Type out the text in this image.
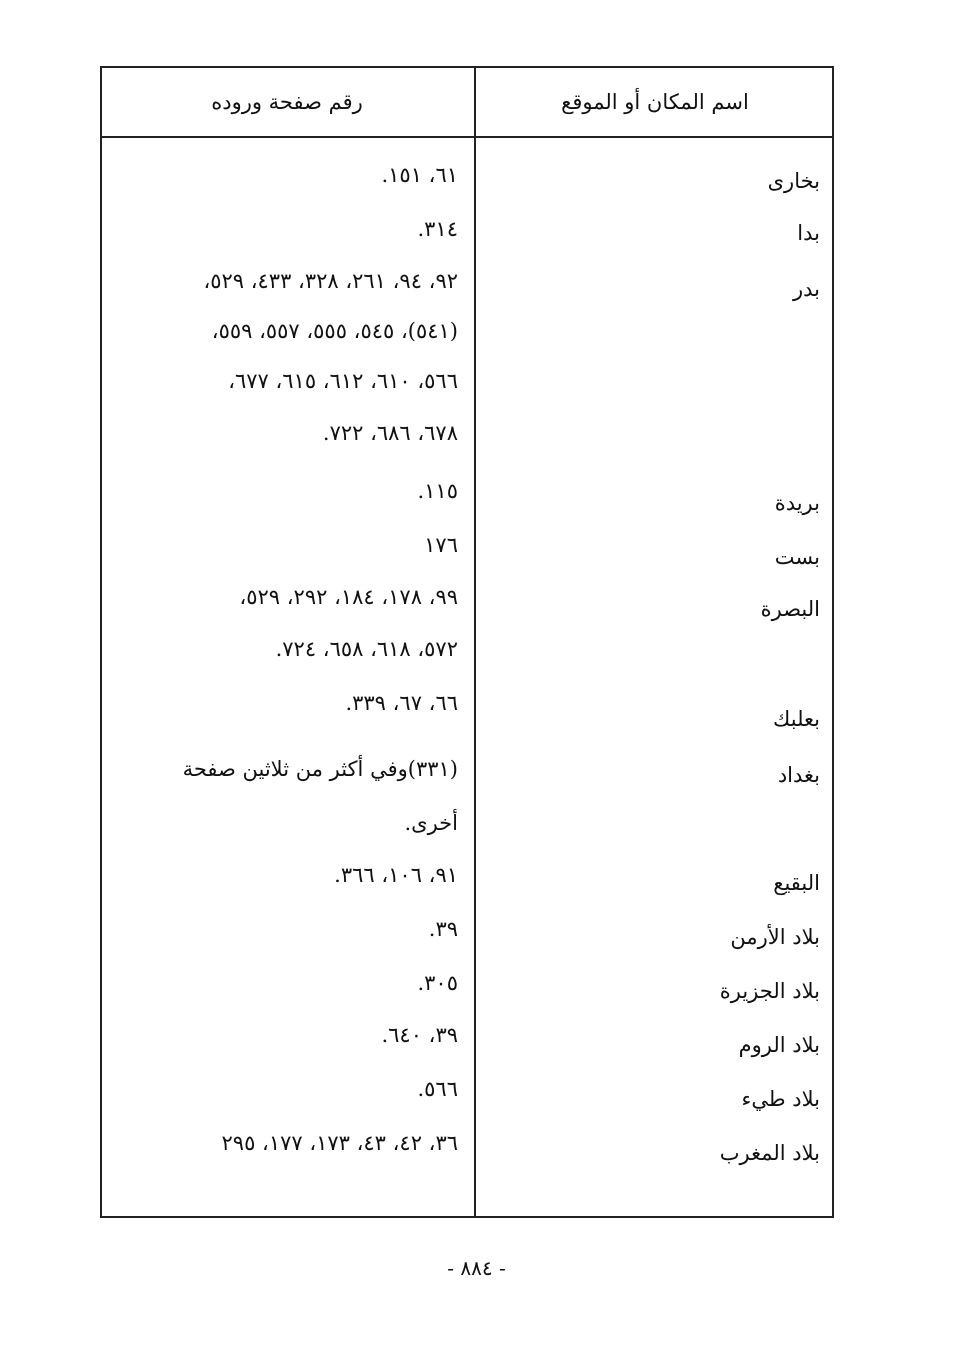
اسم المكان أو الموقع
رقم صفحة وروده
بخارى
٦١، ١٥١.
بدا
٣١٤.
بدر
٩٢، ٩٤، ٢٦١، ٣٢٨، ٤٣٣، ٥٢٩،
(٥٤١)، ٥٤٥، ٥٥٥، ٥٥٧، ٥٥٩،
٥٦٦، ٦١٠، ٦١٢، ٦١٥، ٦٧٧،
٦٧٨، ٦٨٦، ٧٢٢.
بريدة
١١٥.
بست
١٧٦
البصرة
٩٩، ١٧٨، ١٨٤، ٢٩٢، ٥٢٩،
٥٧٢، ٦١٨، ٦٥٨، ٧٢٤.
بعلبك
٦٦، ٦٧، ٣٣٩.
بغداد
(٣٣١)وفي أكثر من ثلاثين صفحة
أخرى.
البقيع
٩١، ١٠٦، ٣٦٦.
بلاد الأرمن
٣٩.
بلاد الجزيرة
٣٠٥.
بلاد الروم
٣٩، ٦٤٠.
بلاد طيء
٥٦٦.
بلاد المغرب
٣٦، ٤٢، ٤٣، ١٧٣، ١٧٧، ٢٩٥
- ٨٨٤ -
